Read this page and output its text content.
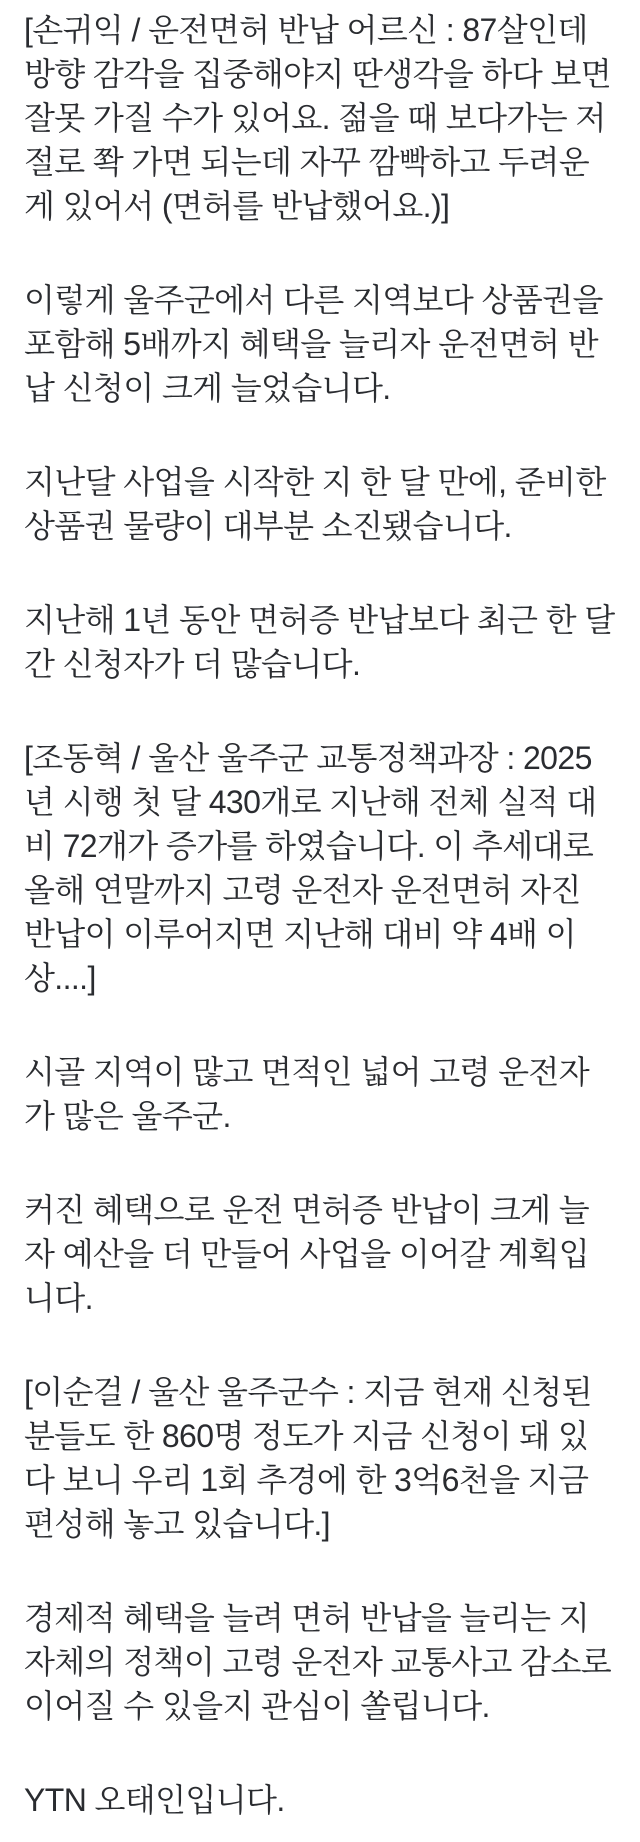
[손귀익 / 운전면허 반납 어르신 : 87살인데 방향 감각을 집중해야지 딴생각을 하다 보면 잘못 가질 수가 있어요. 젊을 때 보다가는 저절로 쫙 가면 되는데 자꾸 깜빡하고 두려운 게 있어서 (면허를 반납했어요.)]

이렇게 울주군에서 다른 지역보다 상품권을 포함해 5배까지 혜택을 늘리자 운전면허 반납 신청이 크게 늘었습니다.

지난달 사업을 시작한 지 한 달 만에, 준비한 상품권 물량이 대부분 소진됐습니다.

지난해 1년 동안 면허증 반납보다 최근 한 달간 신청자가 더 많습니다.

[조동혁 / 울산 울주군 교통정책과장 : 2025년 시행 첫 달 430개로 지난해 전체 실적 대비 72개가 증가를 하였습니다. 이 추세대로 올해 연말까지 고령 운전자 운전면허 자진 반납이 이루어지면 지난해 대비 약 4배 이상....]

시골 지역이 많고 면적인 넓어 고령 운전자가 많은 울주군.

커진 혜택으로 운전 면허증 반납이 크게 늘자 예산을 더 만들어 사업을 이어갈 계획입니다.

[이순걸 / 울산 울주군수 : 지금 현재 신청된 분들도 한 860명 정도가 지금 신청이 돼 있다 보니 우리 1회 추경에 한 3억6천을 지금 편성해 놓고 있습니다.]

경제적 혜택을 늘려 면허 반납을 늘리는 지자체의 정책이 고령 운전자 교통사고 감소로 이어질 수 있을지 관심이 쏠립니다.

YTN 오태인입니다.
